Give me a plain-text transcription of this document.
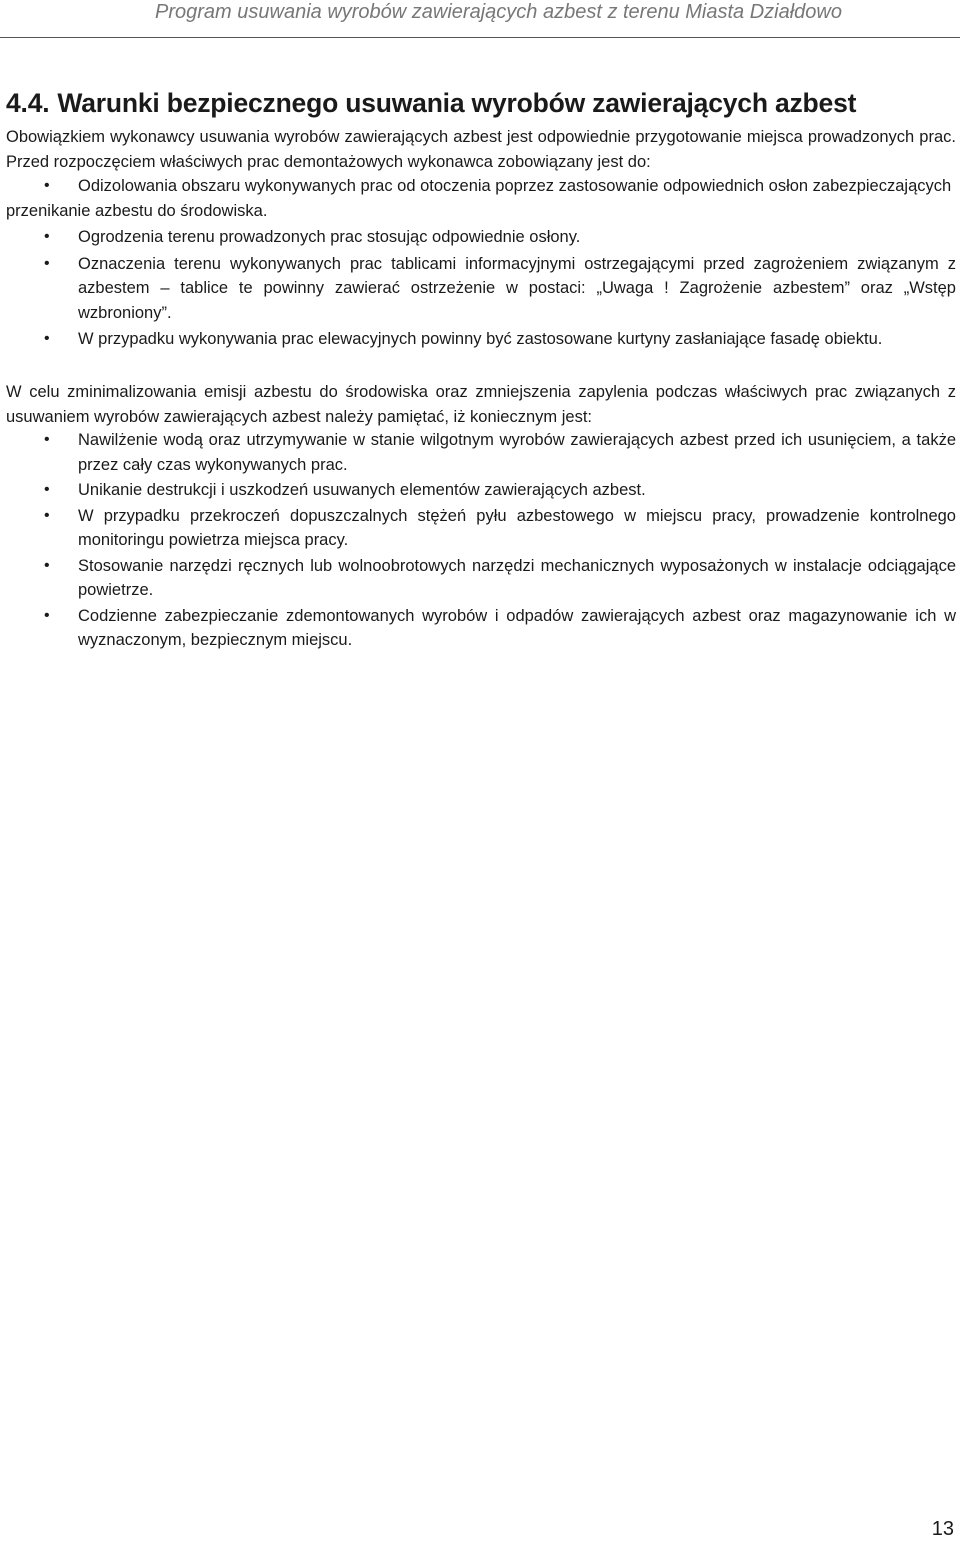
Program usuwania wyrobów zawierających azbest z terenu Miasta Działdowo
4.4. Warunki bezpiecznego usuwania wyrobów zawierających azbest
Obowiązkiem wykonawcy usuwania wyrobów zawierających azbest jest odpowiednie przygotowanie miejsca prowadzonych prac. Przed rozpoczęciem właściwych prac demontażowych wykonawca zobowiązany jest do:
• Odizolowania obszaru wykonywanych prac od otoczenia poprzez zastosowanie odpowiednich osłon zabezpieczających przenikanie azbestu do środowiska.
• Ogrodzenia terenu prowadzonych prac stosując odpowiednie osłony.
• Oznaczenia terenu wykonywanych prac tablicami informacyjnymi ostrzegającymi przed zagrożeniem związanym z azbestem – tablice te powinny zawierać ostrzeżenie w postaci: „Uwaga ! Zagrożenie azbestem” oraz „Wstęp wzbroniony”.
• W przypadku wykonywania prac elewacyjnych powinny być zastosowane kurtyny zasłaniające fasadę obiektu.
W celu zminimalizowania emisji azbestu do środowiska oraz zmniejszenia zapylenia podczas właściwych prac związanych z usuwaniem wyrobów zawierających azbest należy pamiętać, iż koniecznym jest:
• Nawilżenie wodą oraz utrzymywanie w stanie wilgotnym wyrobów zawierających azbest przed ich usunięciem, a także przez cały czas wykonywanych prac.
• Unikanie destrukcji i uszkodzeń usuwanych elementów zawierających azbest.
• W przypadku przekroczeń dopuszczalnych stężeń pyłu azbestowego w miejscu pracy, prowadzenie kontrolnego monitoringu powietrza miejsca pracy.
• Stosowanie narzędzi ręcznych lub wolnoobrotowych narzędzi mechanicznych wyposażonych w instalacje odciągające powietrze.
• Codzienne zabezpieczanie zdemontowanych wyrobów i odpadów zawierających azbest oraz magazynowanie ich w wyznaczonym, bezpiecznym miejscu.
13
